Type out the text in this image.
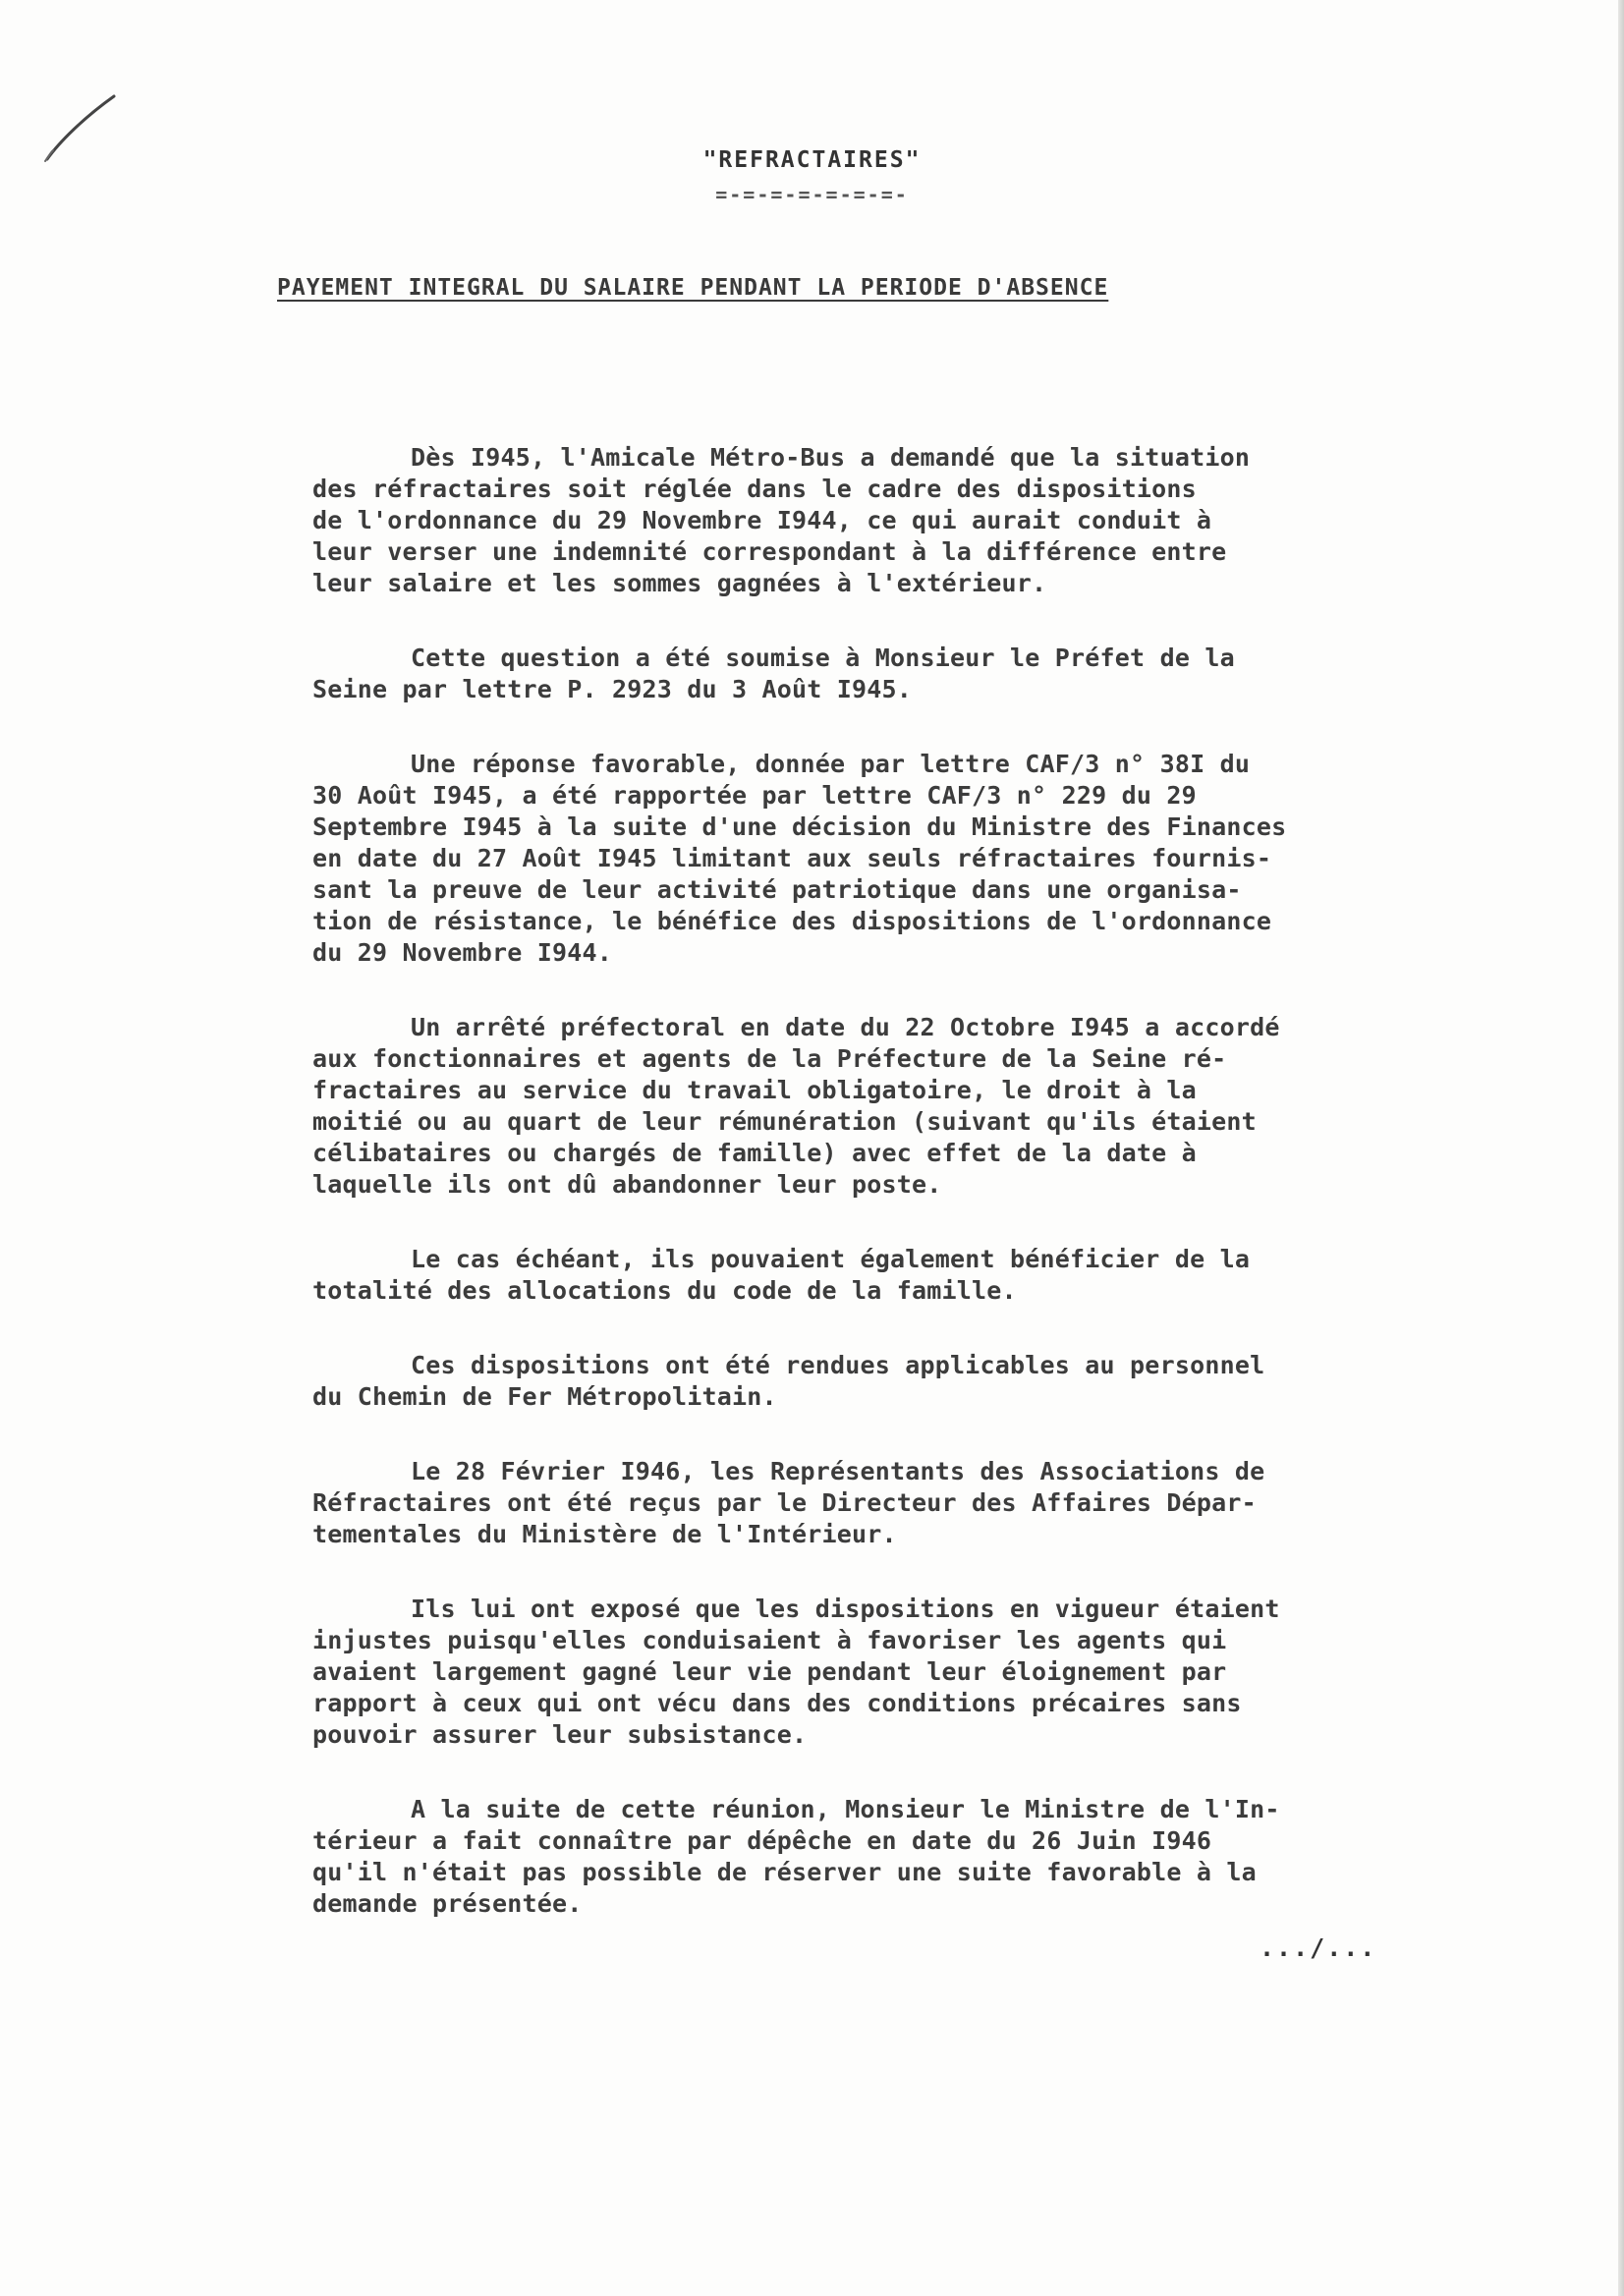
"REFRACTAIRES"
=-=-=-=-=-=-=-
PAYEMENT INTEGRAL DU SALAIRE PENDANT LA PERIODE D'ABSENCE

Dès I945, l'Amicale Métro-Bus a demandé que la situation
des réfractaires soit réglée dans le cadre des dispositions
de l'ordonnance du 29 Novembre I944, ce qui aurait conduit à
leur verser une indemnité correspondant à la différence entre
leur salaire et les sommes gagnées à l'extérieur.

Cette question a été soumise à Monsieur le Préfet de la
Seine par lettre P. 2923 du 3 Août I945.

Une réponse favorable, donnée par lettre CAF/3 n° 38I du
30 Août I945, a été rapportée par lettre CAF/3 n° 229 du 29
Septembre I945 à la suite d'une décision du Ministre des Finances
en date du 27 Août I945 limitant aux seuls réfractaires fournis-
sant la preuve de leur activité patriotique dans une organisa-
tion de résistance, le bénéfice des dispositions de l'ordonnance
du 29 Novembre I944.

Un arrêté préfectoral en date du 22 Octobre I945 a accordé
aux fonctionnaires et agents de la Préfecture de la Seine ré-
fractaires au service du travail obligatoire, le droit à la
moitié ou au quart de leur rémunération (suivant qu'ils étaient
célibataires ou chargés de famille) avec effet de la date à
laquelle ils ont dû abandonner leur poste.

Le cas échéant, ils pouvaient également bénéficier de la
totalité des allocations du code de la famille.

Ces dispositions ont été rendues applicables au personnel
du Chemin de Fer Métropolitain.

Le 28 Février I946, les Représentants des Associations de
Réfractaires ont été reçus par le Directeur des Affaires Dépar-
tementales du Ministère de l'Intérieur.

Ils lui ont exposé que les dispositions en vigueur étaient
injustes puisqu'elles conduisaient à favoriser les agents qui
avaient largement gagné leur vie pendant leur éloignement par
rapport à ceux qui ont vécu dans des conditions précaires sans
pouvoir assurer leur subsistance.

A la suite de cette réunion, Monsieur le Ministre de l'In-
térieur a fait connaître par dépêche en date du 26 Juin I946
qu'il n'était pas possible de réserver une suite favorable à la
demande présentée.

.../...
